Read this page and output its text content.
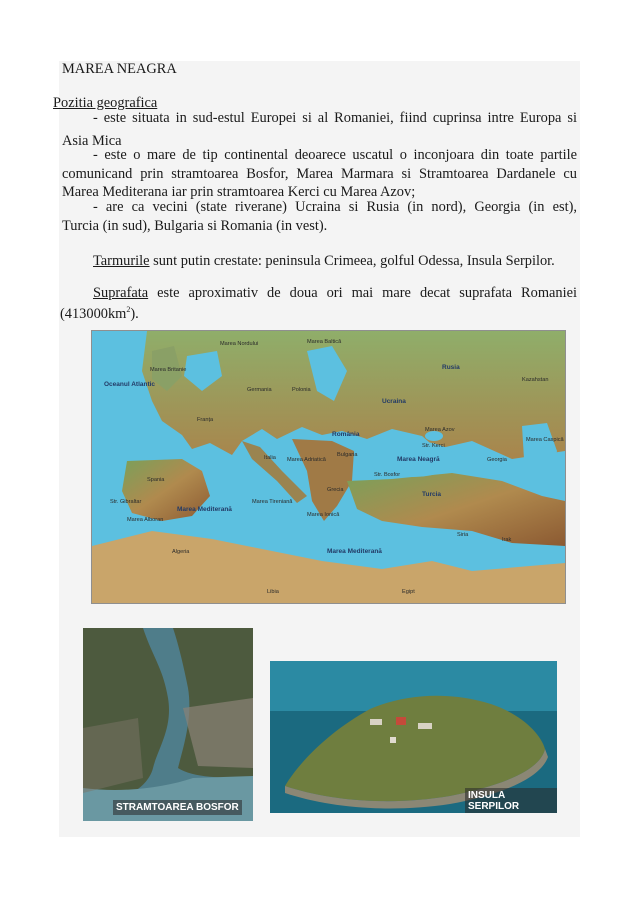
MAREA NEAGRA
Pozitia geografica
- este situata in sud-estul Europei si al Romaniei, fiind cuprinsa intre Europa si
Asia Mica
- este o mare de tip continental deoarece uscatul o inconjoara din toate partile
comunicand prin stramtoarea Bosfor, Marea Marmara si Stramtoarea Dardanele cu
Marea Mediterana iar prin stramtoarea Kerci cu Marea Azov;
- are ca vecini (state riverane) Ucraina si Rusia (in nord), Georgia (in est),
Turcia (in sud), Bulgaria si Romania (in vest).
Tarmurile sunt putin crestate: peninsula Crimeea, golful Odessa, Insula Serpilor.
Suprafata este aproximativ de doua ori mai mare decat suprafata Romaniei
$(413000km^2)$.
Oceanul Atlantic
Marea Nordului	Marea Baltică
Marea Britanie	Rusia
Kazahstan
Ucraina
România
Bulgaria
Turcia
Georgia
Marea Neagră
Marea Azov
Marea Caspică
Marea Mediterană
Marea Mediterană
Marea Tireniană
Marea Ionică
Marea Adriatică
Marea Alboran
Polonia
Germania
Franța
Spania
Italia
Algeria
Libia	Egipt
Irak
Siria
Grecia
Str. Bosfor
Str. Kerci
Str. Gibraltar
STRAMTOAREA BOSFOR
INSULA SERPILOR
